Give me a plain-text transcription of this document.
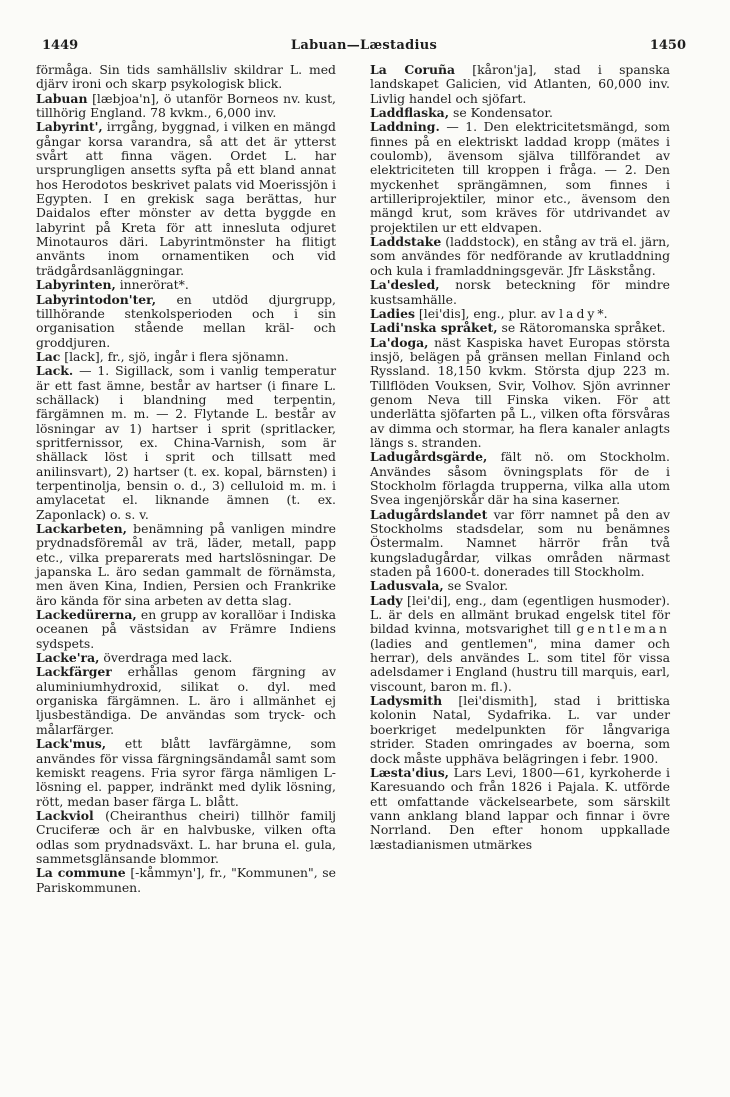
1449	Labuan—Læstadius	1450

förmåga. Sin tids samhällsliv skildrar L. med djärv ironi och skarp psykologisk blick.

Labuan [læbjoa'n], ö utanför Borneos nv. kust, tillhörig England. 78 kvkm., 6,000 inv.

Labyrint', irrgång, byggnad, i vilken en mängd gångar korsa varandra, så att det är ytterst svårt att finna vägen. Ordet L. har ursprungligen ansetts syfta på ett bland annat hos Herodotos beskrivet palats vid Moerissjön i Egypten. I en grekisk saga berättas, hur Daidalos efter mönster av detta byggde en labyrint på Kreta för att innesluta odjuret Minotauros däri. Labyrintmönster ha flitigt använts inom ornamentiken och vid trädgårdsanläggningar.

Labyrinten, innerörat*.

Labyrintodon'ter, en utdöd djurgrupp, tillhörande stenkolsperioden och i sin organisation stående mellan kräl- och groddjuren.

Lac [lack], fr., sjö, ingår i flera sjönamn.

Lack. — 1. Sigillack, som i vanlig temperatur är ett fast ämne, består av hartser (i finare L. schällack) i blandning med terpentin, färgämnen m. m. — 2. Flytande L. består av lösningar av 1) hartser i sprit (spritlacker, spritfernissor, ex. China-Varnish, som är shällack löst i sprit och tillsatt med anilinsvart), 2) hartser (t. ex. kopal, bärnsten) i terpentinolja, bensin o. d., 3) celluloid m. m. i amylacetat el. liknande ämnen (t. ex. Zaponlack) o. s. v.

Lackarbeten, benämning på vanligen mindre prydnadsföremål av trä, läder, metall, papp etc., vilka preparerats med hartslösningar. De japanska L. äro sedan gammalt de förnämsta, men även Kina, Indien, Persien och Frankrike äro kända för sina arbeten av detta slag.

Lackedürerna, en grupp av korallöar i Indiska oceanen på västsidan av Främre Indiens sydspets.

Lacke'ra, överdraga med lack.

Lackfärger erhållas genom färgning av aluminiumhydroxid, silikat o. dyl. med organiska färgämnen. L. äro i allmänhet ej ljusbeständiga. De användas som tryck- och målarfärger.

Lack'mus, ett blått lavfärgämne, som användes för vissa färgningsändamål samt som kemiskt reagens. Fria syror färga nämligen L-lösning el. papper, indränkt med dylik lösning, rött, medan baser färga L. blått.

Lackviol (Cheiranthus cheiri) tillhör familj Cruciferæ och är en halvbuske, vilken ofta odlas som prydnadsväxt. L. har bruna el. gula, sammetsglänsande blommor.

La commune [-kåmmyn'], fr., "Kommunen", se Pariskommunen.

La Coruña [kåron'ja], stad i spanska landskapet Galicien, vid Atlanten, 60,000 inv. Livlig handel och sjöfart.

Laddflaska, se Kondensator.

Laddning. — 1. Den elektricitetsmängd, som finnes på en elektriskt laddad kropp (mätes i coulomb), ävensom själva tillförandet av elektriciteten till kroppen i fråga. — 2. Den myckenhet sprängämnen, som finnes i artilleriprojektiler, minor etc., ävensom den mängd krut, som kräves för utdrivandet av projektilen ur ett eldvapen.

Laddstake (laddstock), en stång av trä el. järn, som användes för nedförande av krutladdning och kula i framladdningsgevär. Jfr Läskstång.

La'desled, norsk beteckning för mindre kustsamhälle.

Ladies [lei'dis], eng., plur. av lady*.

Ladi'nska språket, se Rätoromanska språket.

La'doga, näst Kaspiska havet Europas största insjö, belägen på gränsen mellan Finland och Ryssland. 18,150 kvkm. Största djup 223 m. Tillflöden Vouksen, Svir, Volhov. Sjön avrinner genom Neva till Finska viken. För att underlätta sjöfarten på L., vilken ofta försvåras av dimma och stormar, ha flera kanaler anlagts längs s. stranden.

Ladugårdsgärde, fält nö. om Stockholm. Användes såsom övningsplats för de i Stockholm förlagda trupperna, vilka alla utom Svea ingenjörskår där ha sina kaserner.

Ladugårdslandet var förr namnet på den av Stockholms stadsdelar, som nu benämnes Östermalm. Namnet härrör från två kungsladugårdar, vilkas områden närmast staden på 1600-t. donerades till Stockholm.

Ladusvala, se Svalor.

Lady [lei'di], eng., dam (egentligen husmoder). L. är dels en allmänt brukad engelsk titel för bildad kvinna, motsvarighet till gentleman (ladies and gentlemen", mina damer och herrar), dels användes L. som titel för vissa adelsdamer i England (hustru till marquis, earl, viscount, baron m. fl.).

Ladysmith [lei'dismith], stad i brittiska kolonin Natal, Sydafrika. L. var under boerkriget medelpunkten för långvariga strider. Staden omringades av boerna, som dock måste upphäva belägringen i febr. 1900.

Læsta'dius, Lars Levi, 1800—61, kyrkoherde i Karesuando och från 1826 i Pajala. K. utförde ett omfattande väckelsearbete, som särskilt vann anklang bland lappar och finnar i övre Norrland. Den efter honom uppkallade læstadianismen utmärkes
